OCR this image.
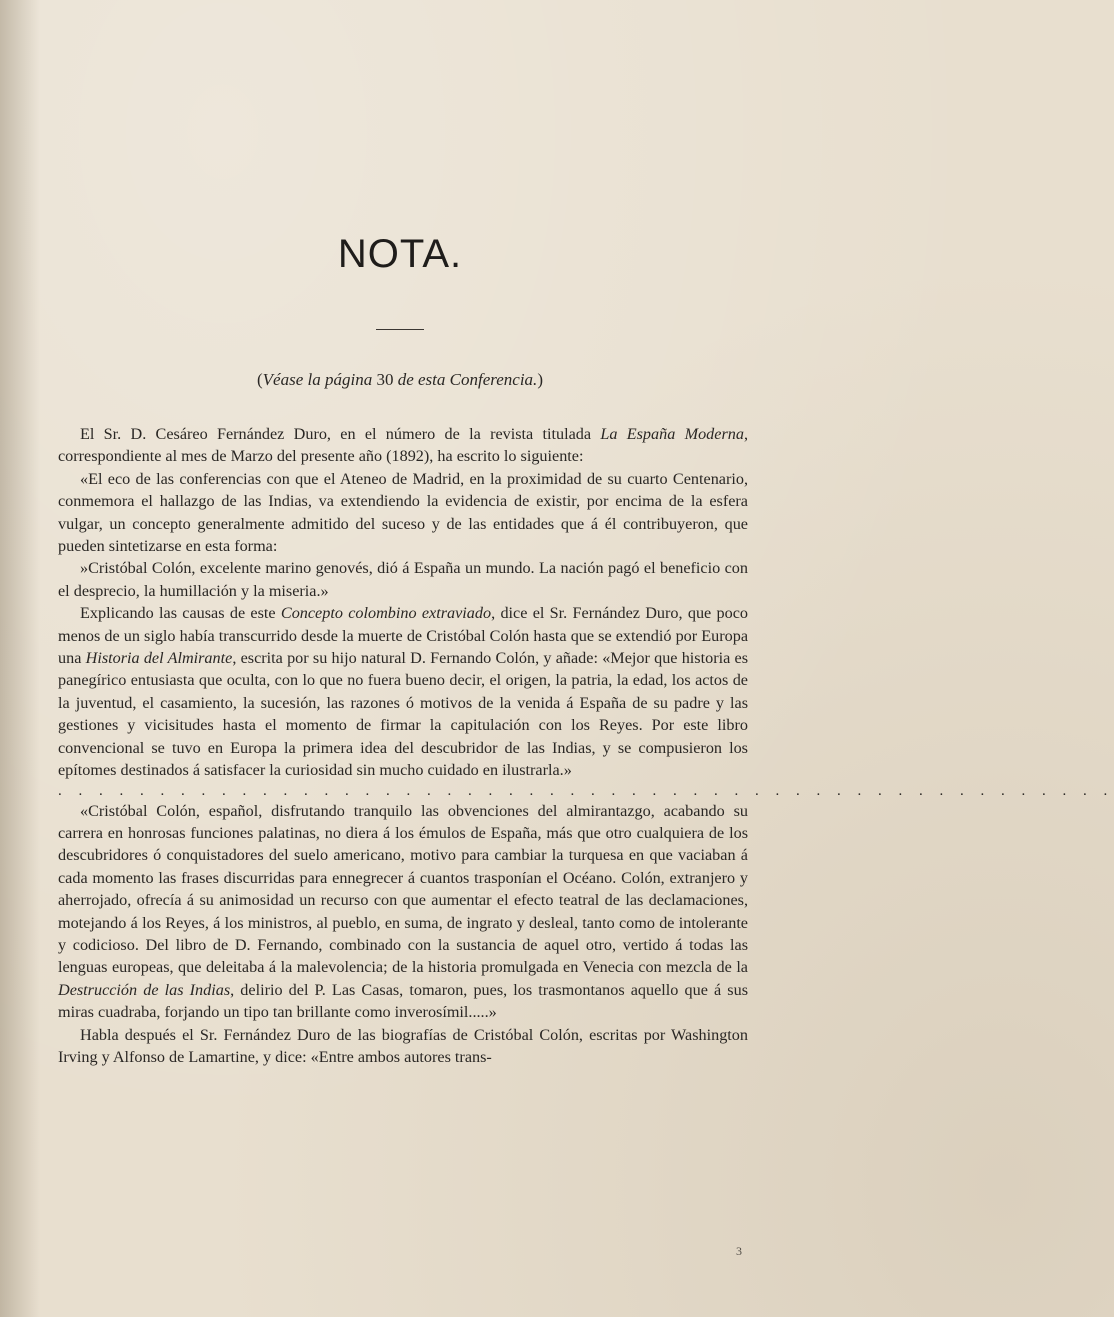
NOTA.
(Véase la página 30 de esta Conferencia.)

El Sr. D. Cesáreo Fernández Duro, en el número de la revista titulada La España Moderna, correspondiente al mes de Marzo del presente año (1892), ha escrito lo siguiente:

«El eco de las conferencias con que el Ateneo de Madrid, en la proximidad de su cuarto Centenario, conmemora el hallazgo de las Indias, va extendiendo la evidencia de existir, por encima de la esfera vulgar, un concepto generalmente admitido del suceso y de las entidades que á él contribuyeron, que pueden sintetizarse en esta forma:

»Cristóbal Colón, excelente marino genovés, dió á España un mundo. La nación pagó el beneficio con el desprecio, la humillación y la miseria.»

Explicando las causas de este Concepto colombino extraviado, dice el Sr. Fernández Duro, que poco menos de un siglo había transcurrido desde la muerte de Cristóbal Colón hasta que se extendió por Europa una Historia del Almirante, escrita por su hijo natural D. Fernando Colón, y añade: «Mejor que historia es panegírico entusiasta que oculta, con lo que no fuera bueno decir, el origen, la patria, la edad, los actos de la juventud, el casamiento, la sucesión, las razones ó motivos de la venida á España de su padre y las gestiones y vicisitudes hasta el momento de firmar la capitulación con los Reyes. Por este libro convencional se tuvo en Europa la primera idea del descubridor de las Indias, y se compusieron los epítomes destinados á satisfacer la curiosidad sin mucho cuidado en ilustrarla.»

. . . . . . . . . . . . . . . . . . . . . . . . . . . . . . . . . . . . . . . . . . . . . . . . . . . .

«Cristóbal Colón, español, disfrutando tranquilo las obvenciones del almirantazgo, acabando su carrera en honrosas funciones palatinas, no diera á los émulos de España, más que otro cualquiera de los descubridores ó conquistadores del suelo americano, motivo para cambiar la turquesa en que vaciaban á cada momento las frases discurridas para ennegrecer á cuantos trasponían el Océano. Colón, extranjero y aherrojado, ofrecía á su animosidad un recurso con que aumentar el efecto teatral de las declamaciones, motejando á los Reyes, á los ministros, al pueblo, en suma, de ingrato y desleal, tanto como de intolerante y codicioso. Del libro de D. Fernando, combinado con la sustancia de aquel otro, vertido á todas las lenguas europeas, que deleitaba á la malevolencia; de la historia promulgada en Venecia con mezcla de la Destrucción de las Indias, delirio del P. Las Casas, tomaron, pues, los trasmontanos aquello que á sus miras cuadraba, forjando un tipo tan brillante como inverosímil.....»

Habla después el Sr. Fernández Duro de las biografías de Cristóbal Colón, escritas por Washington Irving y Alfonso de Lamartine, y dice: «Entre ambos autores trans-

3
